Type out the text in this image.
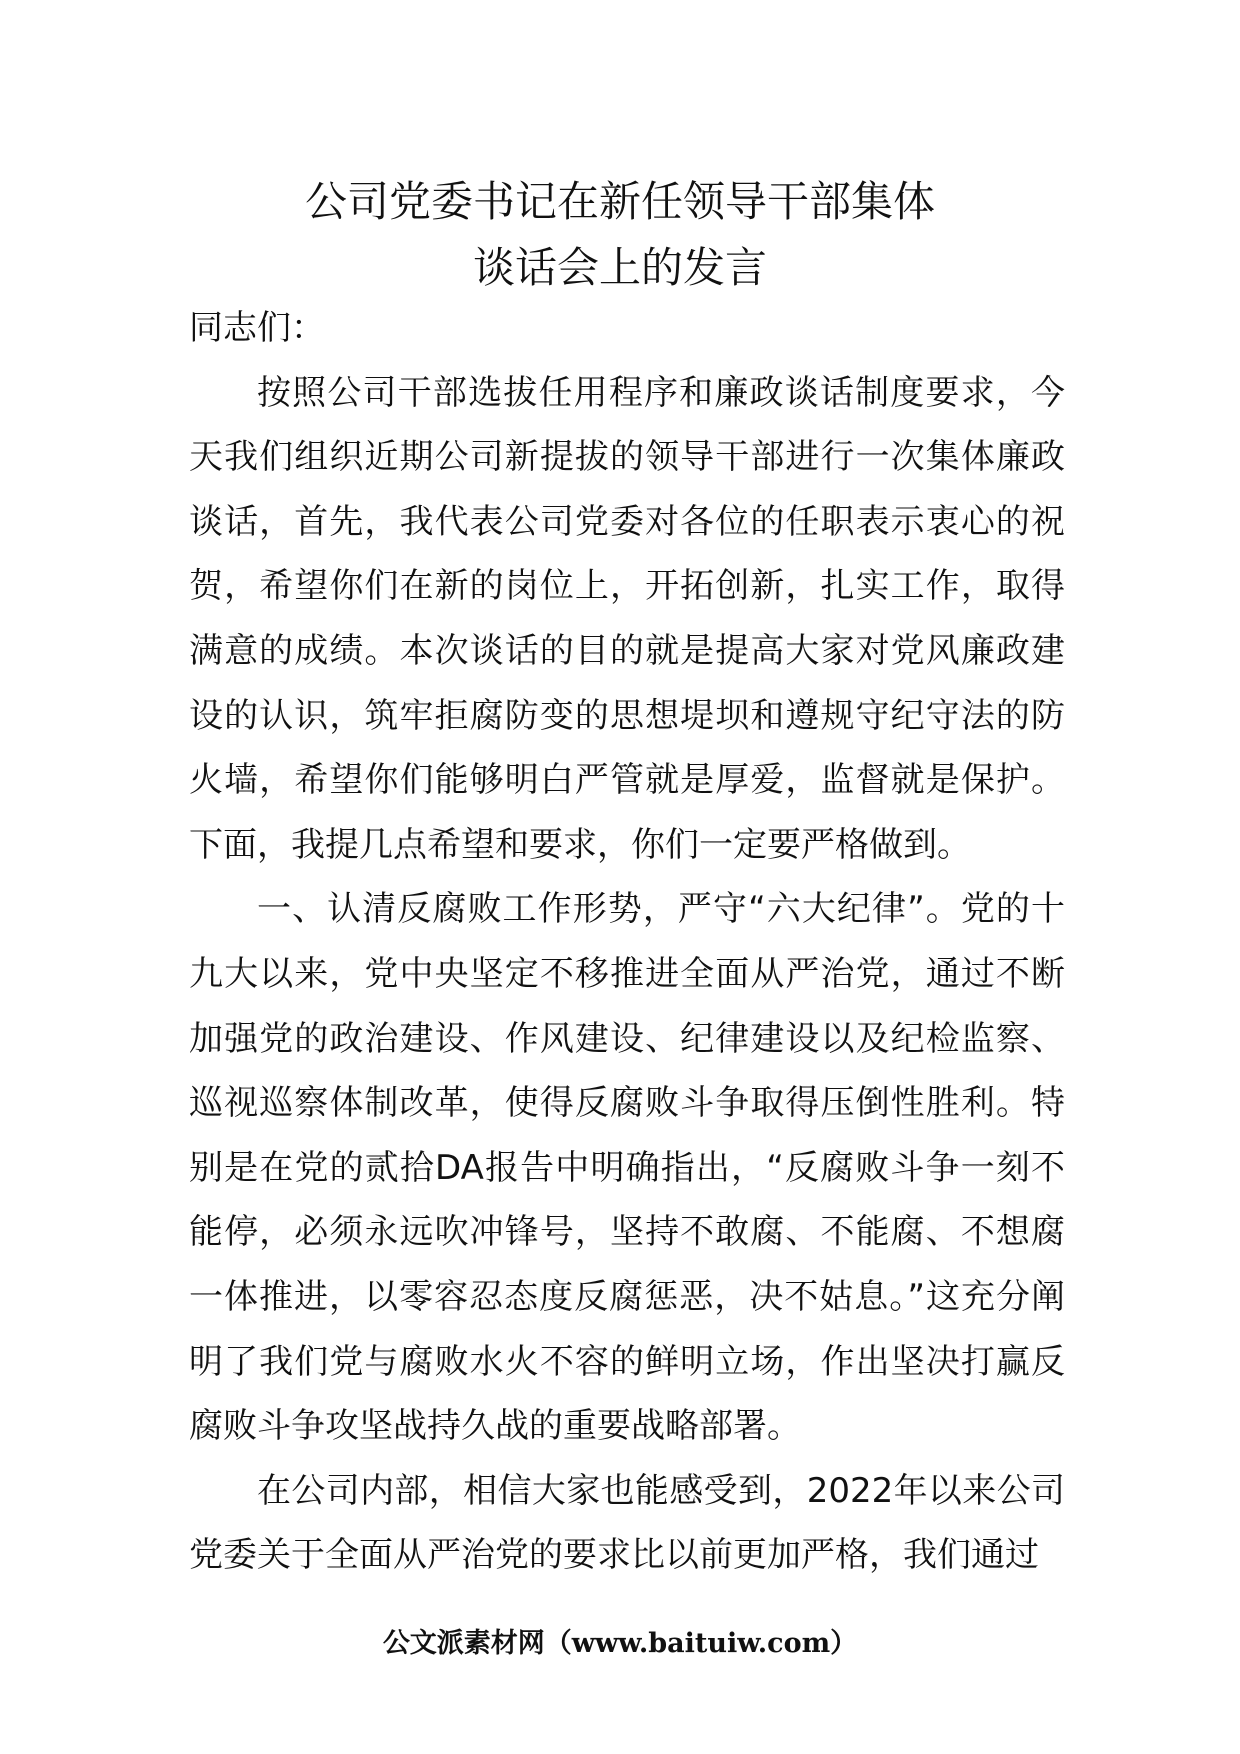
公司党委书记在新任领导干部集体
谈话会上的发言

同志们：

按照公司干部选拔任用程序和廉政谈话制度要求，今天我们组织近期公司新提拔的领导干部进行一次集体廉政谈话，首先，我代表公司党委对各位的任职表示衷心的祝贺，希望你们在新的岗位上，开拓创新，扎实工作，取得满意的成绩。本次谈话的目的就是提高大家对党风廉政建设的认识，筑牢拒腐防变的思想堤坝和遵规守纪守法的防火墙，希望你们能够明白严管就是厚爱，监督就是保护。下面，我提几点希望和要求，你们一定要严格做到。

一、认清反腐败工作形势，严守“六大纪律”。党的十九大以来，党中央坚定不移推进全面从严治党，通过不断加强党的政治建设、作风建设、纪律建设以及纪检监察、巡视巡察体制改革，使得反腐败斗争取得压倒性胜利。特别是在党的贰拾DA报告中明确指出，“反腐败斗争一刻不能停，必须永远吹冲锋号，坚持不敢腐、不能腐、不想腐一体推进，以零容忍态度反腐惩恶，决不姑息。”这充分阐明了我们党与腐败水火不容的鲜明立场，作出坚决打赢反腐败斗争攻坚战持久战的重要战略部署。

在公司内部，相信大家也能感受到，2022年以来公司党委关于全面从严治党的要求比以前更加严格，我们通过

公文派素材网（www.baituiw.com）
